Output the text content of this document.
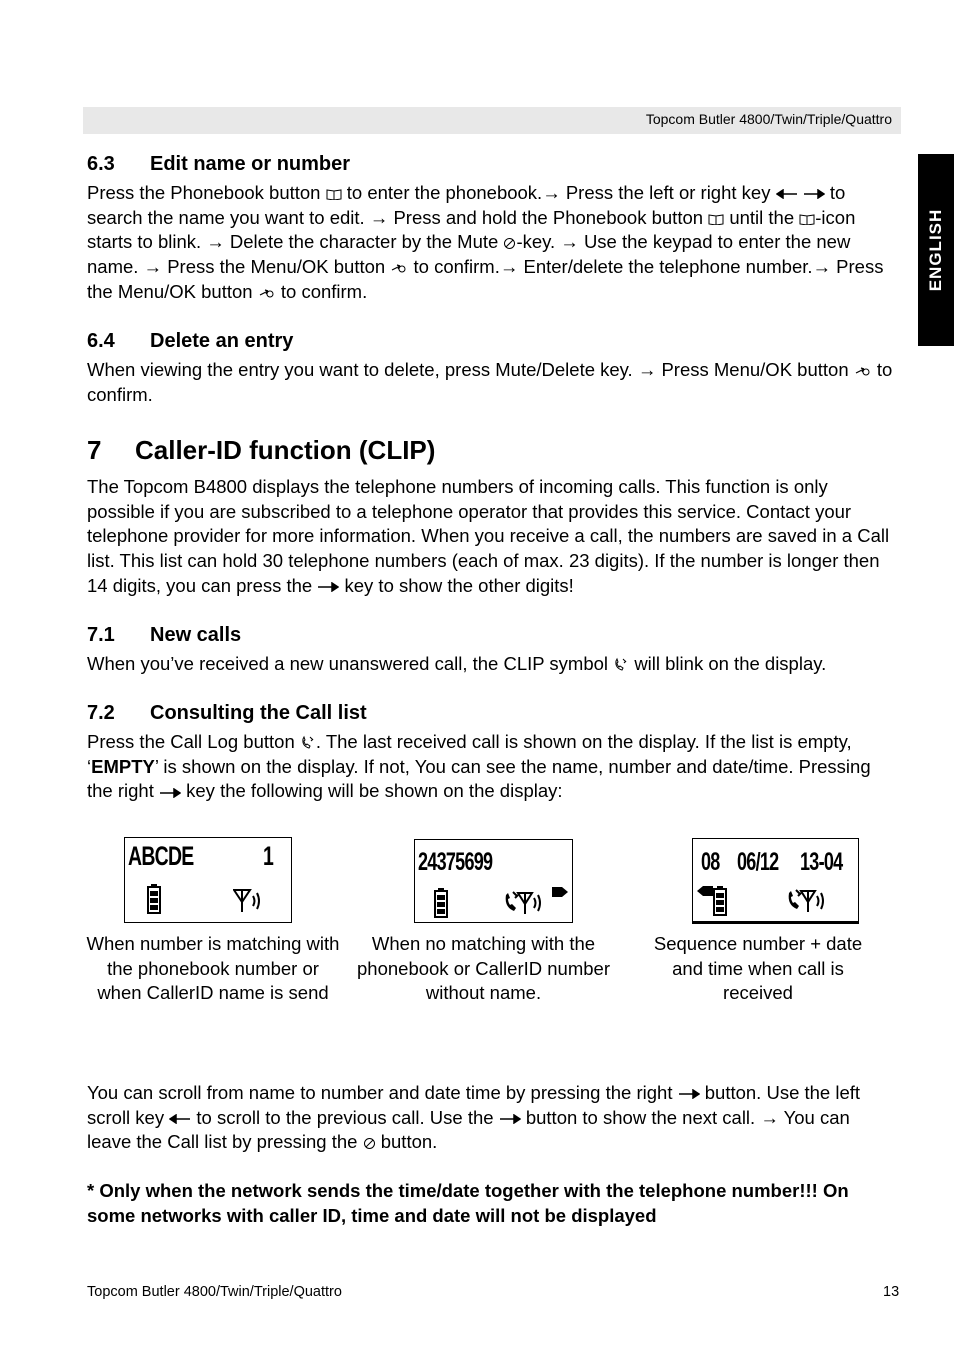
Topcom Butler 4800/Twin/Triple/Quattro
ENGLISH
6.3 Edit name or number

Press the Phonebook button to enter the phonebook.→ Press the left or right key
	to search the name you want to edit. → Press and hold the Phonebook button until the -icon starts to blink. → Delete the character by the Mute -key. → Use the keypad to enter the new name. → Press the Menu/OK button to confirm.→ Enter/delete the telephone number.→ Press the Menu/OK button to confirm.

6.4 Delete an entry

When viewing the entry you want to delete, press Mute/Delete key. → Press Menu/OK button to confirm.

7 Caller-ID function (CLIP)

The Topcom B4800 displays the telephone numbers of incoming calls. This function is only possible if you are subscribed to a telephone operator that provides this service. Contact your telephone provider for more information. When you receive a call, the numbers are saved in a Call list. This list can hold 30 telephone numbers (each of max. 23 digits). If the number is longer then 14 digits, you can press the key to show the other digits!

7.1 New calls

When you’ve received a new unanswered call, the CLIP symbol will blink on the display.

7.2 Consulting the Call list

Press the Call Log button . The last received call is shown on the display. If the list is empty, ‘EMPTY’ is shown on the display. If not, You can see the name, number and date/time. Pressing the right key the following will be shown on the display:

ABCDE	1
When number is matching with the phonebook number or when CallerID name is send
24375699
When no matching with the phonebook or CallerID number without name.
08 06/12 13-04
Sequence number + date and time when call is received

You can scroll from name to number and date time by pressing the right button. Use the left scroll key to scroll to the previous call. Use the button to show the next call. → You can leave the Call list by pressing the button.

* Only when the network sends the time/date together with the telephone number!!! On some networks with caller ID, time and date will not be displayed

Topcom Butler 4800/Twin/Triple/Quattro	13
